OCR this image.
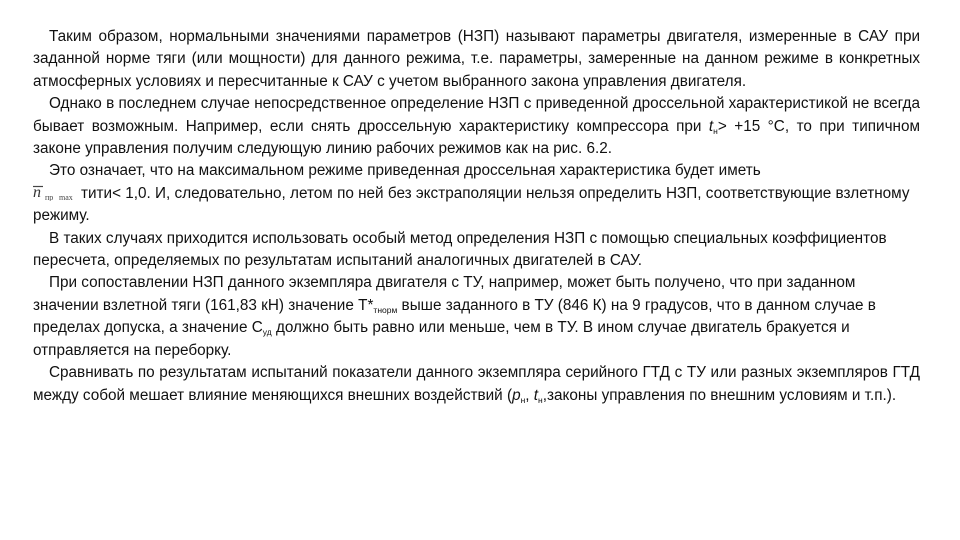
Таким образом, нормальными значениями параметров (НЗП) называют параметры двигателя, измеренные в САУ при заданной норме тяги (или мощности) для данного режима, т.е. параметры, замеренные на данном режиме в конкретных атмосферных условиях и пересчитанные к САУ с учетом выбранного закона управления двигателя.

Однако в последнем случае непосредственное определение НЗП с приведенной дроссельной характеристикой не всегда бывает возможным. Например, если снять дроссельную характеристику компрессора при $t_н> +15$ °С, то при типичном законе управления получим следующую линию рабочих режимов как на рис. 6.2.

Это означает, что на максимальном режиме приведенная дроссельная характеристика будет иметь

n пр max тити< 1,0. И, следовательно, летом по ней без экстраполяции нельзя определить НЗП, соответствующие взлетному режиму.

В таких случаях приходится использовать особый метод определения НЗП с помощью специальных коэффициентов пересчета, определяемых по результатам испытаний аналогичных двигателей в САУ.

При сопоставлении НЗП данного экземпляра двигателя с ТУ, например, может быть получено, что при заданном значении взлетной тяги (161,83 кН) значение $Т*_{тнорм}$ выше заданного в ТУ (846 К) на 9 градусов, что в данном случае в пределах допуска, а значение $С_{уд}$ должно быть равно или меньше, чем в ТУ. В ином случае двигатель бракуется и отправляется на переборку.

Сравнивать по результатам испытаний показатели данного экземпляра серийного ГТД с ТУ или разных экземпляров ГТД между собой мешает влияние меняющихся внешних воздействий ($р_н$, $t_н,законы$ управления по внешним условиям и т.п.).
